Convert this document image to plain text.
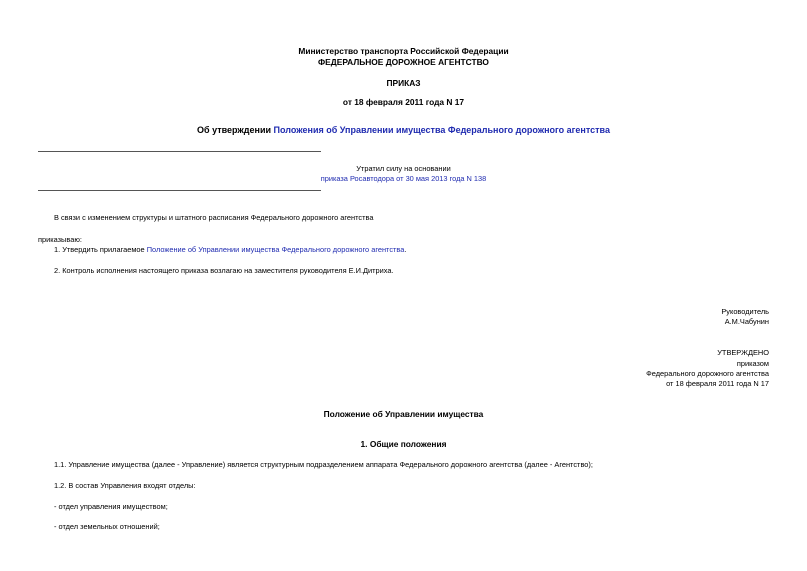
Министерство транспорта Российской Федерации
ФЕДЕРАЛЬНОЕ ДОРОЖНОЕ АГЕНТСТВО
ПРИКАЗ
от 18 февраля 2011 года N 17
Об утверждении Положения об Управлении имущества Федерального дорожного агентства
Утратил силу на основании
приказа Росавтодора от 30 мая 2013 года N 138
В связи с изменением структуры и штатного расписания Федерального дорожного агентства
приказываю:
1. Утвердить прилагаемое Положение об Управлении имущества Федерального дорожного агентства.
2. Контроль исполнения настоящего приказа возлагаю на заместителя руководителя Е.И.Дитриха.
Руководитель
А.М.Чабунин
УТВЕРЖДЕНО
приказом
Федерального дорожного агентства
от 18 февраля 2011 года N 17
Положение об Управлении имущества
1. Общие положения
1.1. Управление имущества (далее - Управление) является структурным подразделением аппарата Федерального дорожного агентства (далее - Агентство);
1.2. В состав Управления входят отделы:
- отдел управления имуществом;
- отдел земельных отношений;
